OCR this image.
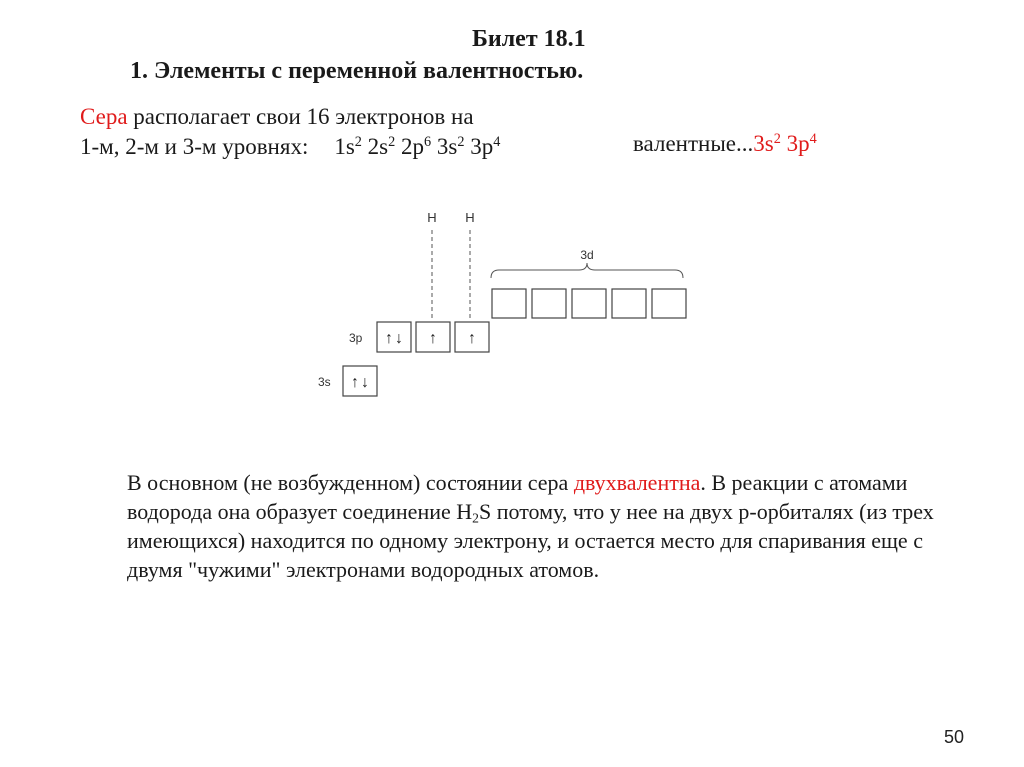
Билет 18.1
1. Элементы с переменной валентностью.
Сера располагает свои 16 электронов на
1-м, 2-м и 3-м уровнях: $1s^2$ $2s^2$ $2p^6$ $3s^2$ $3p^4$	$валентные...3s^2$ $3p^4$
H H
3d
3p ↑ ↓ ↑ ↑
3s ↑ ↓
В основном (не возбужденном) состоянии сера двухвалентна. В реакции с атомами водорода она образует соединение $H_2S$ потому, что у нее на двух р-орбиталях (из трех имеющихся) находится по одному электрону, и остается место для спаривания еще с двумя "чужими" электронами водородных атомов.
50
